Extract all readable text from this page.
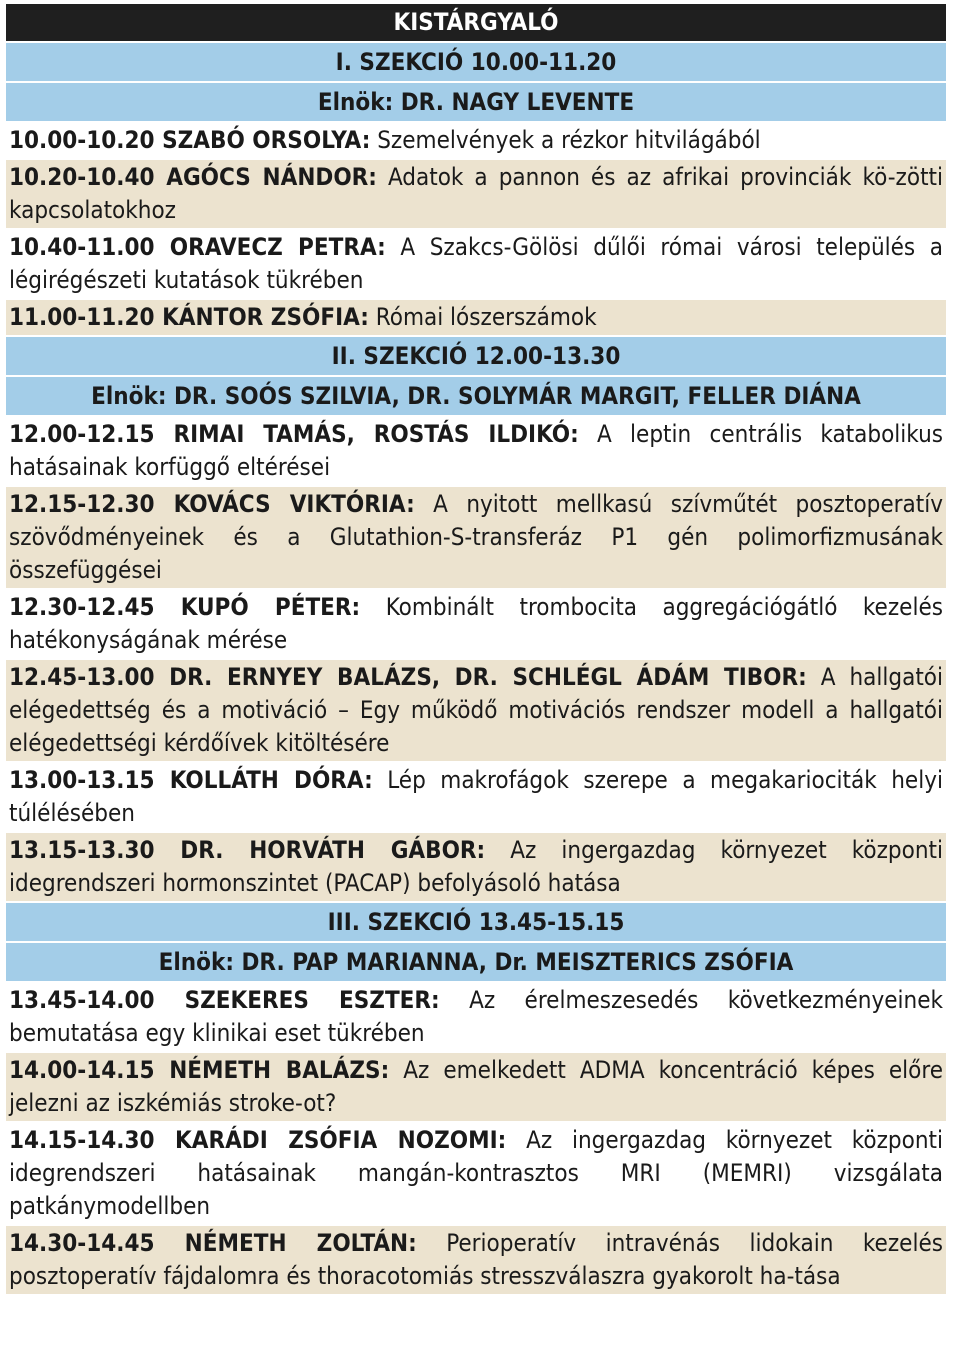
KISTÁRGYALÓ
I. SZEKCIÓ 10.00-11.20
Elnök: DR. NAGY LEVENTE
10.00-10.20 SZABÓ ORSOLYA: Szemelvények a rézkor hitvilágából
10.20-10.40 AGÓCS NÁNDOR: Adatok a pannon és az afrikai provinciák kö-zötti kapcsolatokhoz
10.40-11.00 ORAVECZ PETRA: A Szakcs-Gölösi dűlői római városi település a légirégészeti kutatások tükrében
11.00-11.20 KÁNTOR ZSÓFIA: Római lószerszámok
II. SZEKCIÓ 12.00-13.30
Elnök: DR. SOÓS SZILVIA, DR. SOLYMÁR MARGIT, FELLER DIÁNA
12.00-12.15 RIMAI TAMÁS, ROSTÁS ILDIKÓ: A leptin centrális katabolikus hatásainak korfüggő eltérései
12.15-12.30 KOVÁCS VIKTÓRIA: A nyitott mellkasú szívműtét posztoperatív szövődményeinek és a Glutathion-S-transferáz P1 gén polimorfizmusának összefüggései
12.30-12.45 KUPÓ PÉTER: Kombinált trombocita aggregációgátló kezelés hatékonyságának mérése
12.45-13.00 DR. ERNYEY BALÁZS, DR. SCHLÉGL ÁDÁM TIBOR: A hallgatói elégedettség és a motiváció – Egy működő motivációs rendszer modell a hallgatói elégedettségi kérdőívek kitöltésére
13.00-13.15 KOLLÁTH DÓRA: Lép makrofágok szerepe a megakariociták helyi túlélésében
13.15-13.30 DR. HORVÁTH GÁBOR: Az ingergazdag környezet központi idegrendszeri hormonszintet (PACAP) befolyásoló hatása
III. SZEKCIÓ 13.45-15.15
Elnök: DR. PAP MARIANNA, Dr. MEISZTERICS ZSÓFIA
13.45-14.00 SZEKERES ESZTER: Az érelmeszesedés következményeinek bemutatása egy klinikai eset tükrében
14.00-14.15 NÉMETH BALÁZS: Az emelkedett ADMA koncentráció képes előre jelezni az iszkémiás stroke-ot?
14.15-14.30 KARÁDI ZSÓFIA NOZOMI: Az ingergazdag környezet központi idegrendszeri hatásainak mangán-kontrasztos MRI (MEMRI) vizsgálata patkánymodellben
14.30-14.45 NÉMETH ZOLTÁN: Perioperatív intravénás lidokain kezelés posztoperatív fájdalomra és thoracotomiás stresszválaszra gyakorolt ha-tása
